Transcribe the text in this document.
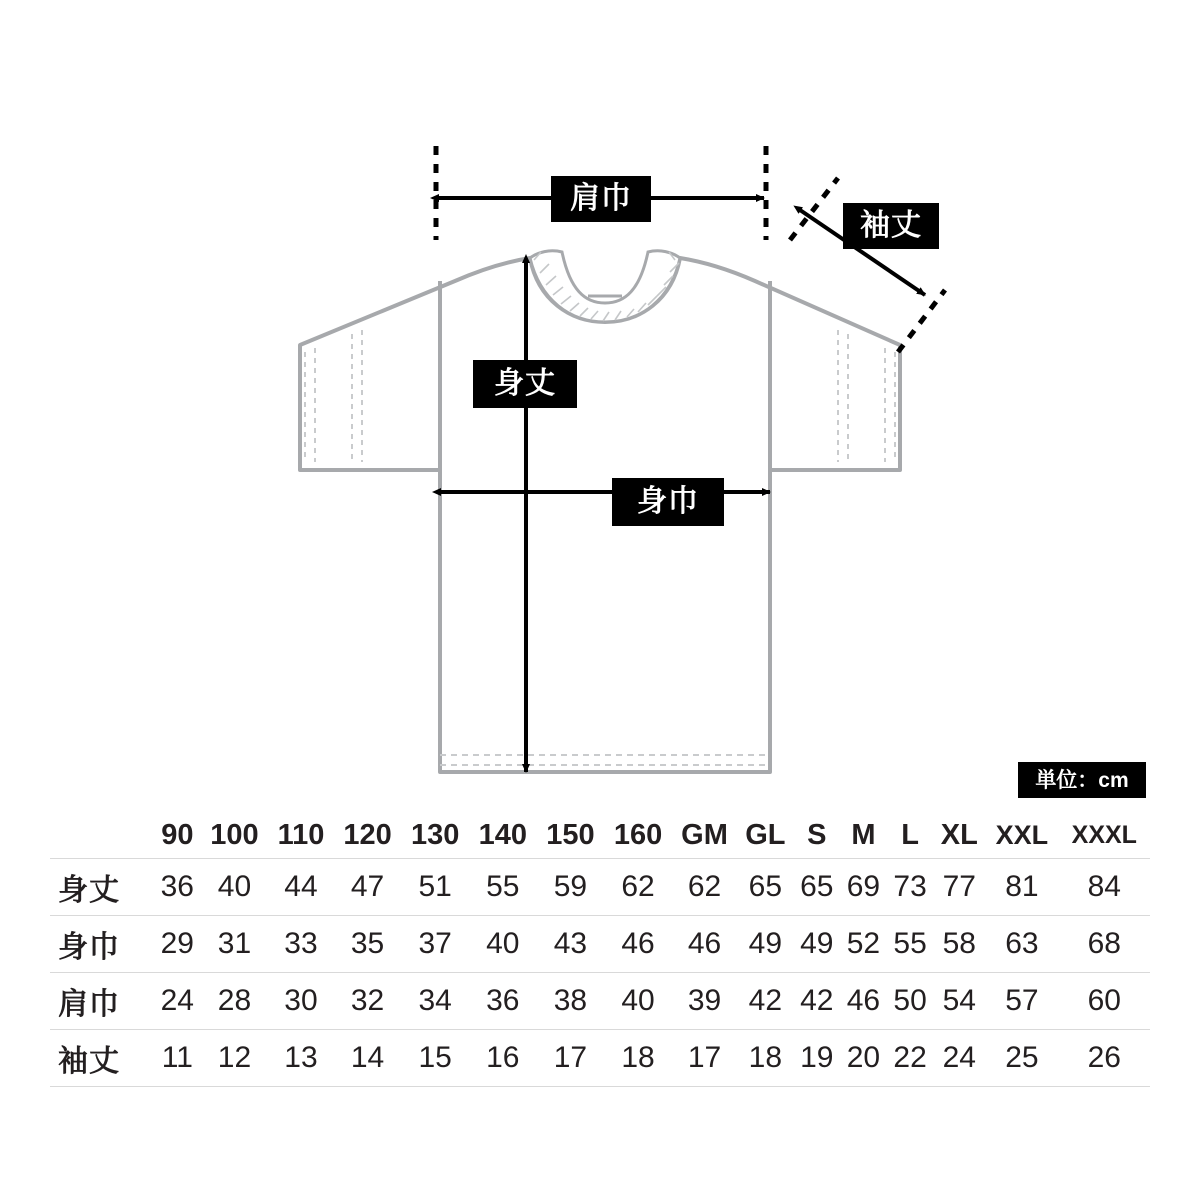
肩巾
袖丈
身丈
身巾
単位：cm
	90	100	110	120	130	140	150	160	GM	GL	S	M	L	XL	XXL	XXXL
身丈	36	40	44	47	51	55	59	62	62	65	65	69	73	77	81	84
身巾	29	31	33	35	37	40	43	46	46	49	49	52	55	58	63	68
肩巾	24	28	30	32	34	36	38	40	39	42	42	46	50	54	57	60
袖丈	11	12	13	14	15	16	17	18	17	18	19	20	22	24	25	26
